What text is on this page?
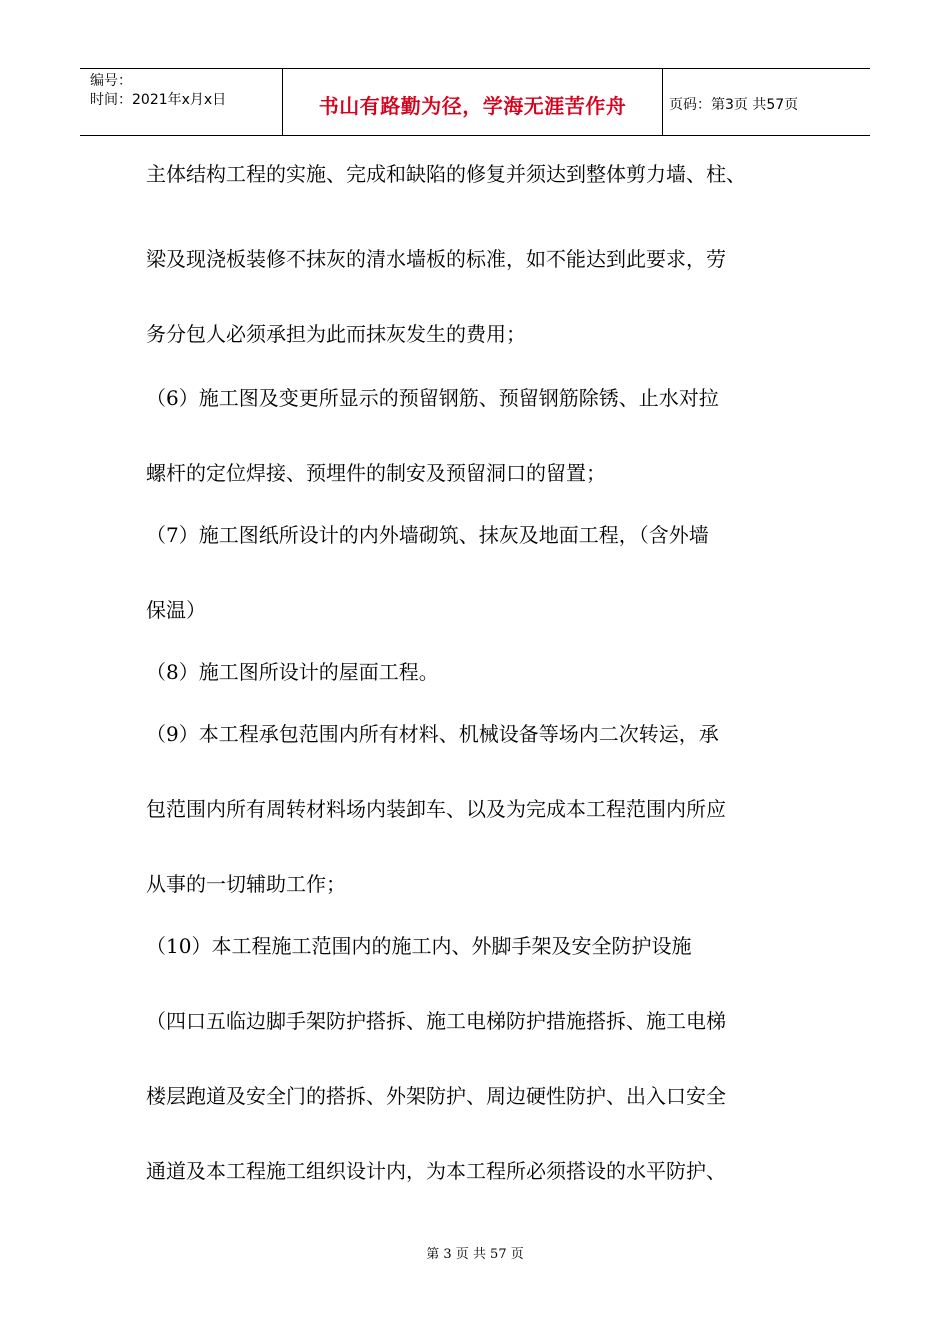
编号：
时间：2021年x月x日	书山有路勤为径，学海无涯苦作舟	页码：第3页 共57页
主体结构工程的实施、完成和缺陷的修复并须达到整体剪力墙、柱、
梁及现浇板装修不抹灰的清水墙板的标准，如不能达到此要求，劳
务分包人必须承担为此而抹灰发生的费用；
（6）施工图及变更所显示的预留钢筋、预留钢筋除锈、止水对拉
螺杆的定位焊接、预埋件的制安及预留洞口的留置；
（7）施工图纸所设计的内外墙砌筑、抹灰及地面工程，（含外墙
保温）
（8）施工图所设计的屋面工程。
（9）本工程承包范围内所有材料、机械设备等场内二次转运，承
包范围内所有周转材料场内装卸车、以及为完成本工程范围内所应
从事的一切辅助工作；
（10）本工程施工范围内的施工内、外脚手架及安全防护设施
（四口五临边脚手架防护搭拆、施工电梯防护措施搭拆、施工电梯
楼层跑道及安全门的搭拆、外架防护、周边硬性防护、出入口安全
通道及本工程施工组织设计内，为本工程所必须搭设的水平防护、
第 3 页 共 57 页
